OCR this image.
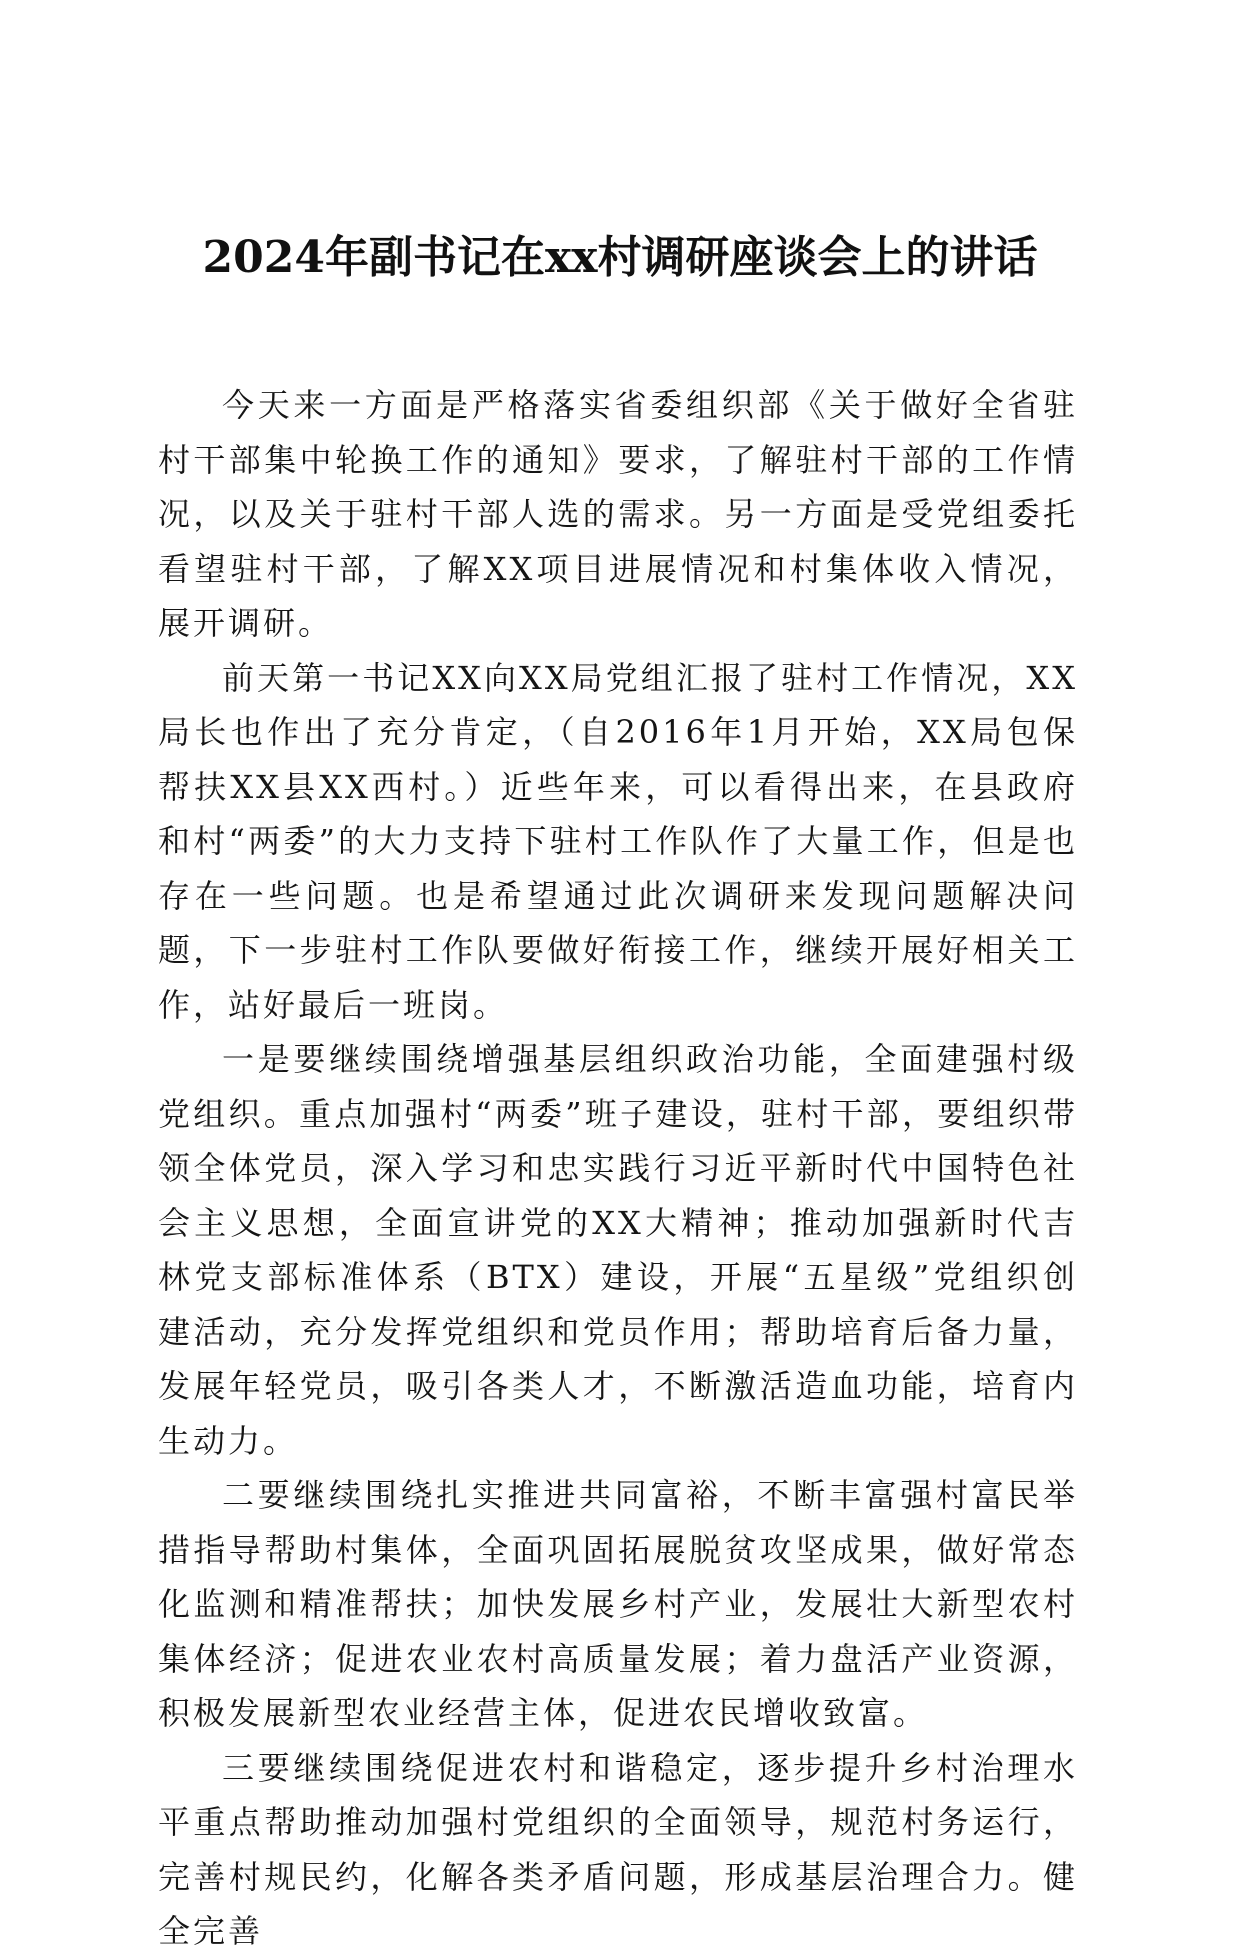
2024年副书记在xx村调研座谈会上的讲话

今天来一方面是严格落实省委组织部《关于做好全省驻村干部集中轮换工作的通知》要求，了解驻村干部的工作情况，以及关于驻村干部人选的需求。另一方面是受党组委托看望驻村干部，了解XX项目进展情况和村集体收入情况，展开调研。

前天第一书记XX向XX局党组汇报了驻村工作情况，XX局长也作出了充分肯定，（自2016年1月开始，XX局包保帮扶XX县XX西村。）近些年来，可以看得出来，在县政府和村“两委”的大力支持下驻村工作队作了大量工作，但是也存在一些问题。也是希望通过此次调研来发现问题解决问题，下一步驻村工作队要做好衔接工作，继续开展好相关工作，站好最后一班岗。

一是要继续围绕增强基层组织政治功能，全面建强村级党组织。重点加强村“两委”班子建设，驻村干部，要组织带领全体党员，深入学习和忠实践行习近平新时代中国特色社会主义思想，全面宣讲党的XX大精神；推动加强新时代吉林党支部标准体系（BTX）建设，开展“五星级”党组织创建活动，充分发挥党组织和党员作用；帮助培育后备力量，发展年轻党员，吸引各类人才，不断激活造血功能，培育内生动力。

二要继续围绕扎实推进共同富裕，不断丰富强村富民举措指导帮助村集体，全面巩固拓展脱贫攻坚成果，做好常态化监测和精准帮扶；加快发展乡村产业，发展壮大新型农村集体经济；促进农业农村高质量发展；着力盘活产业资源，积极发展新型农业经营主体，促进农民增收致富。

三要继续围绕促进农村和谐稳定，逐步提升乡村治理水平重点帮助推动加强村党组织的全面领导，规范村务运行，完善村规民约，化解各类矛盾问题，形成基层治理合力。健全完善
